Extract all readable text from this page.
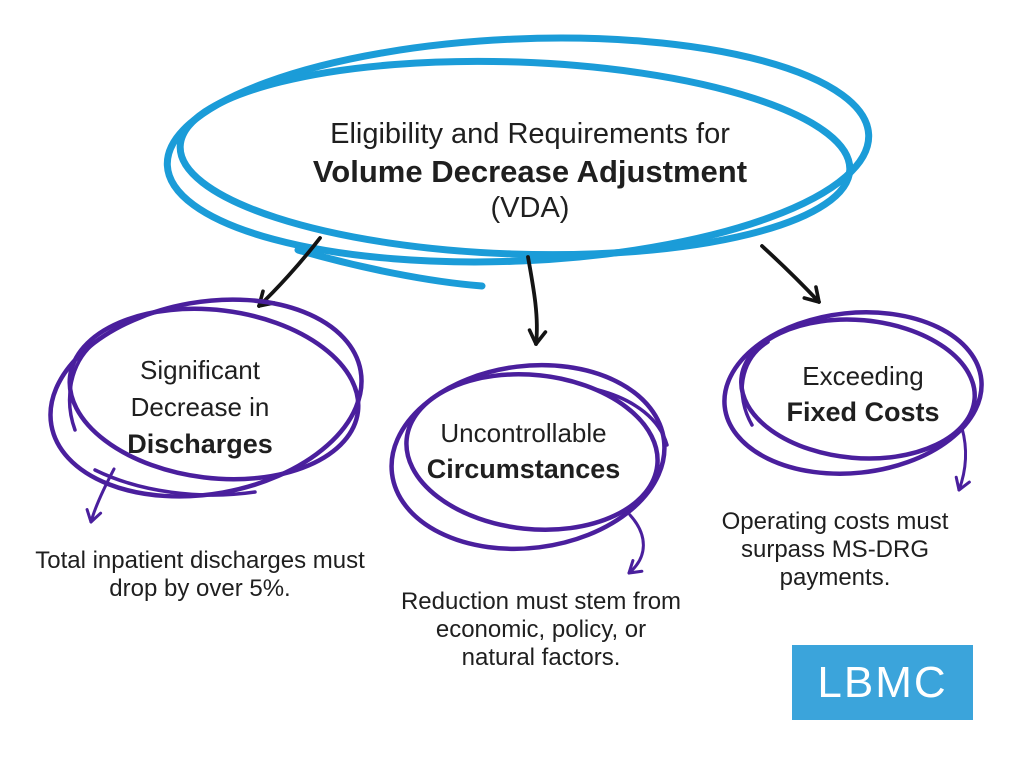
Eligibility and Requirements for
Volume Decrease Adjustment
(VDA)
Significant Decrease in
Discharges	Uncontrollable
Circumstances
Exceeding
Fixed Costs
Total inpatient discharges must drop by over 5%.	Reduction must stem from economic, policy, or natural factors.
Operating costs must surpass MS-DRG payments.
LBMC
